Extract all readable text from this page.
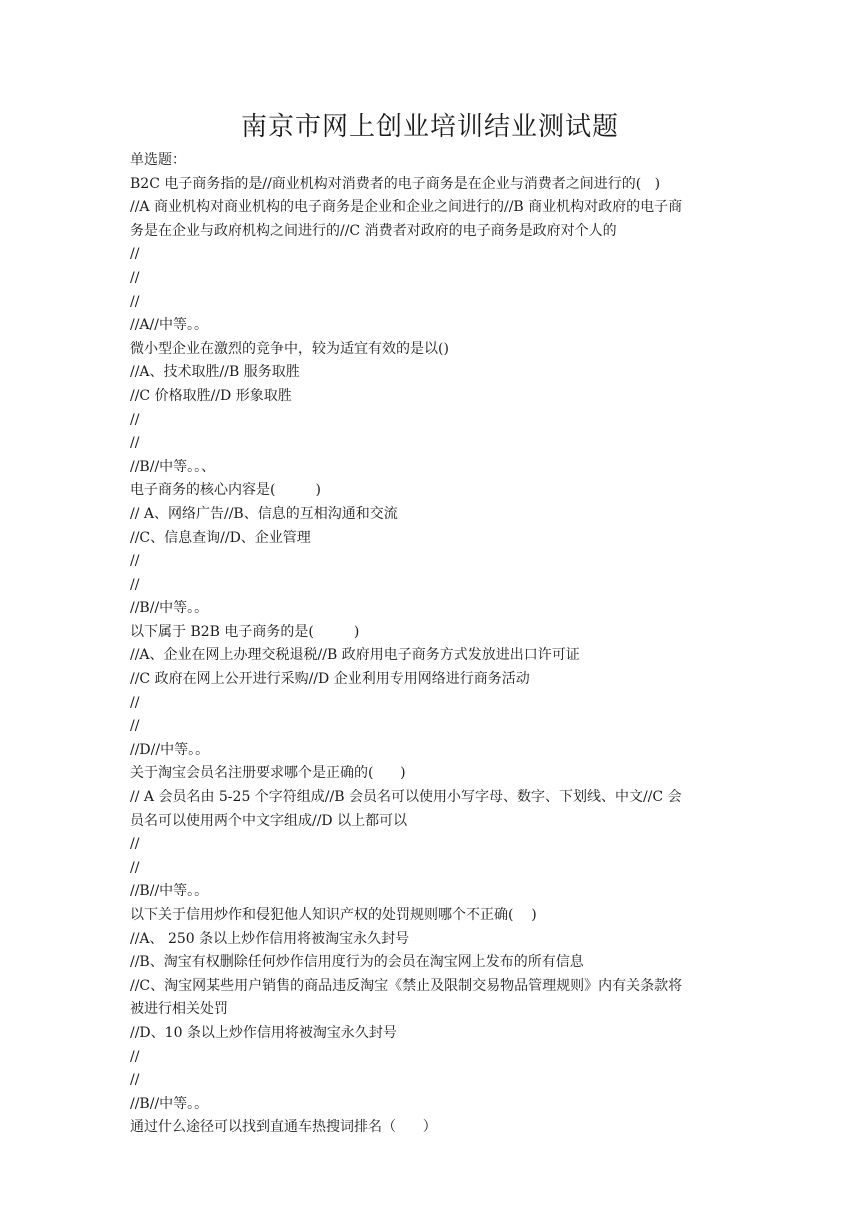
南京市网上创业培训结业测试题
单选题：
B2C 电子商务指的是//商业机构对消费者的电子商务是在企业与消费者之间进行的(   )
//A 商业机构对商业机构的电子商务是企业和企业之间进行的//B 商业机构对政府的电子商
务是在企业与政府机构之间进行的//C 消费者对政府的电子商务是政府对个人的
//
//
//
//A//中等。。
微小型企业在激烈的竞争中，较为适宜有效的是以()
//A、技术取胜//B 服务取胜
//C 价格取胜//D 形象取胜
//
//
//B//中等。。、
电子商务的核心内容是(         )
// A、网络广告//B、信息的互相沟通和交流
//C、信息查询//D、企业管理
//
//
//B//中等。。
以下属于 B2B 电子商务的是(         )
//A、企业在网上办理交税退税//B 政府用电子商务方式发放进出口许可证
//C 政府在网上公开进行采购//D 企业利用专用网络进行商务活动
//
//
//D//中等。。
关于淘宝会员名注册要求哪个是正确的(      )
// A 会员名由 5-25 个字符组成//B 会员名可以使用小写字母、数字、下划线、中文//C 会
员名可以使用两个中文字组成//D 以上都可以
//
//
//B//中等。。
以下关于信用炒作和侵犯他人知识产权的处罚规则哪个不正确(    )
//A、 250 条以上炒作信用将被淘宝永久封号
//B、淘宝有权删除任何炒作信用度行为的会员在淘宝网上发布的所有信息
//C、淘宝网某些用户销售的商品违反淘宝《禁止及限制交易物品管理规则》内有关条款将
被进行相关处罚
//D、10 条以上炒作信用将被淘宝永久封号
//
//
//B//中等。。
通过什么途径可以找到直通车热搜词排名（      ）
